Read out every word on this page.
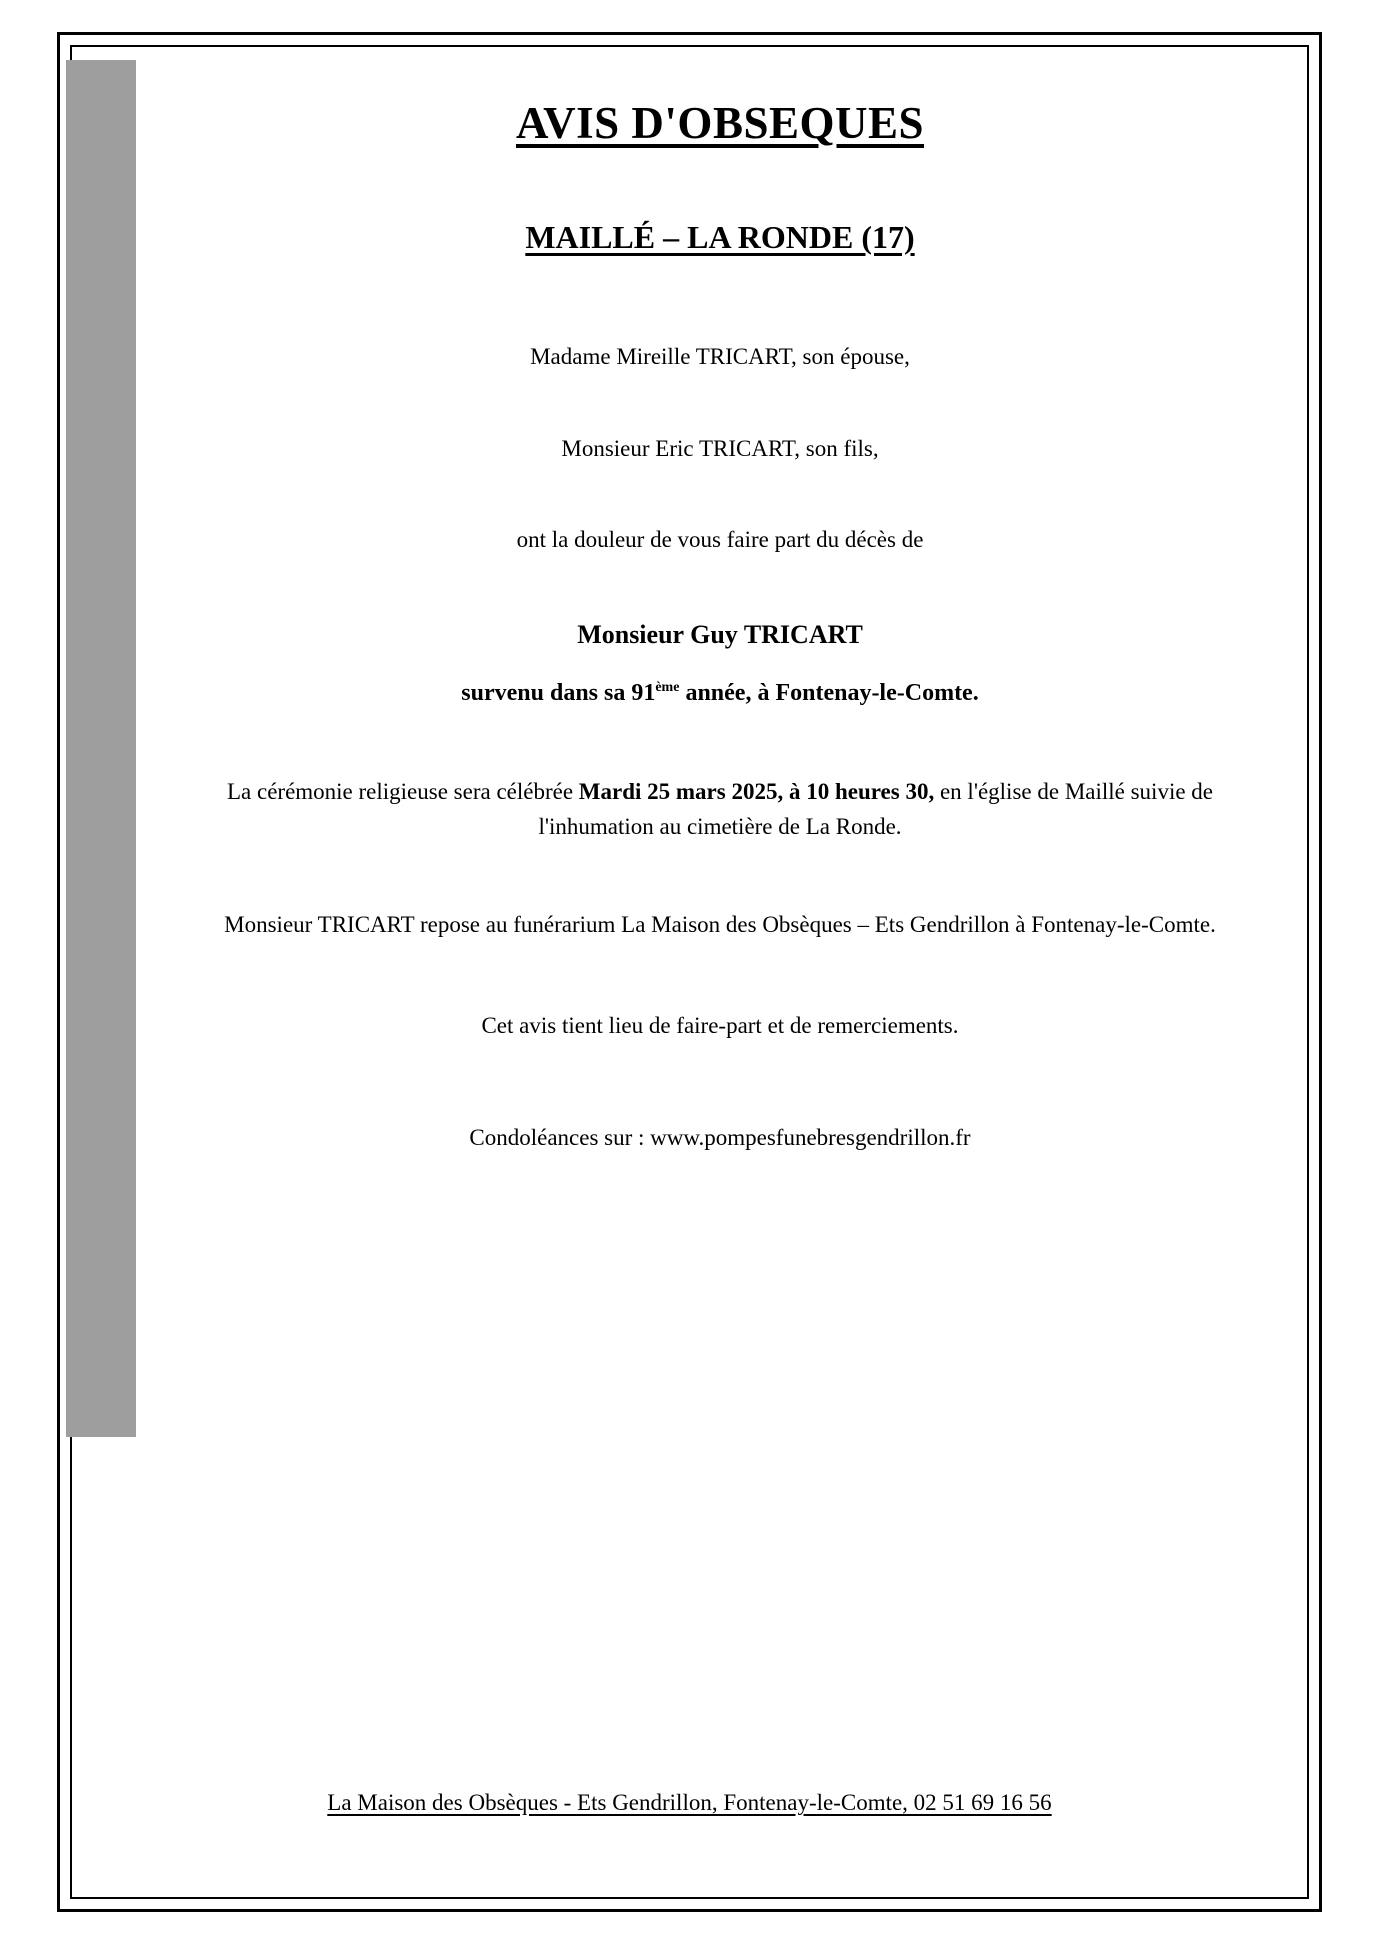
AVIS D'OBSEQUES
MAILLÉ – LA RONDE (17)

Madame Mireille TRICART, son épouse,

Monsieur Eric TRICART, son fils,

ont la douleur de vous faire part du décès de

Monsieur Guy TRICART

survenu dans sa 91ème année, à Fontenay-le-Comte.

La cérémonie religieuse sera célébrée Mardi 25 mars 2025, à 10 heures 30, en l'église de Maillé suivie de l'inhumation au cimetière de La Ronde.

Monsieur TRICART repose au funérarium La Maison des Obsèques – Ets Gendrillon à Fontenay-le-Comte.

Cet avis tient lieu de faire-part et de remerciements.

Condoléances sur : www.pompesfunebresgendrillon.fr

La Maison des Obsèques - Ets Gendrillon, Fontenay-le-Comte, 02 51 69 16 56
